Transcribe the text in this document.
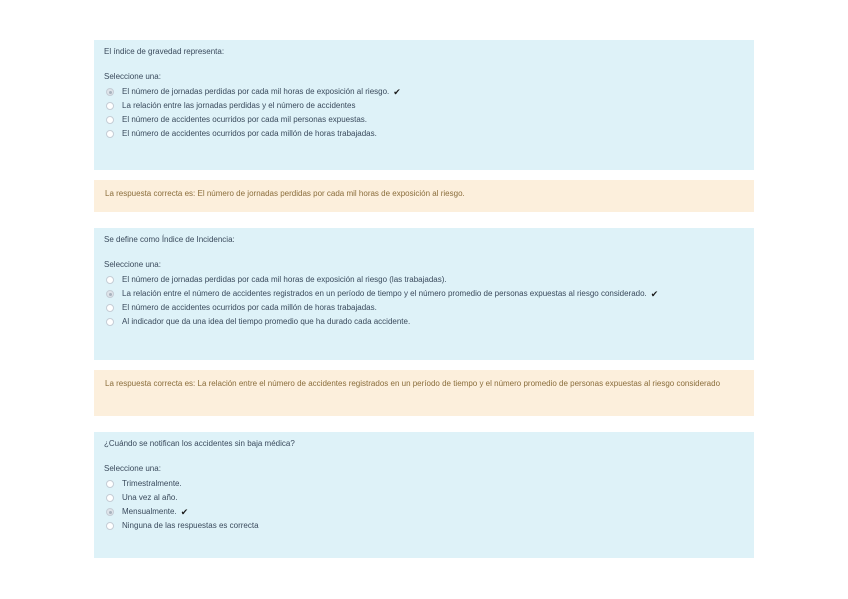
El índice de gravedad representa:
Seleccione una:
El número de jornadas perdidas por cada mil horas de exposición al riesgo. ✔
La relación entre las jornadas perdidas y el número de accidentes
El número de accidentes ocurridos por cada mil personas expuestas.
El número de accidentes ocurridos por cada millón de horas trabajadas.
La respuesta correcta es: El número de jornadas perdidas por cada mil horas de exposición al riesgo.
Se define como Índice de Incidencia:
Seleccione una:
El número de jornadas perdidas por cada mil horas de exposición al riesgo (las trabajadas).
La relación entre el número de accidentes registrados en un período de tiempo y el número promedio de personas expuestas al riesgo considerado. ✔
El número de accidentes ocurridos por cada millón de horas trabajadas.
Al indicador que da una idea del tiempo promedio que ha durado cada accidente.
La respuesta correcta es: La relación entre el número de accidentes registrados en un período de tiempo y el número promedio de personas expuestas al riesgo considerado
¿Cuándo se notifican los accidentes sin baja médica?
Seleccione una:
Trimestralmente.
Una vez al año.
Mensualmente. ✔
Ninguna de las respuestas es correcta
